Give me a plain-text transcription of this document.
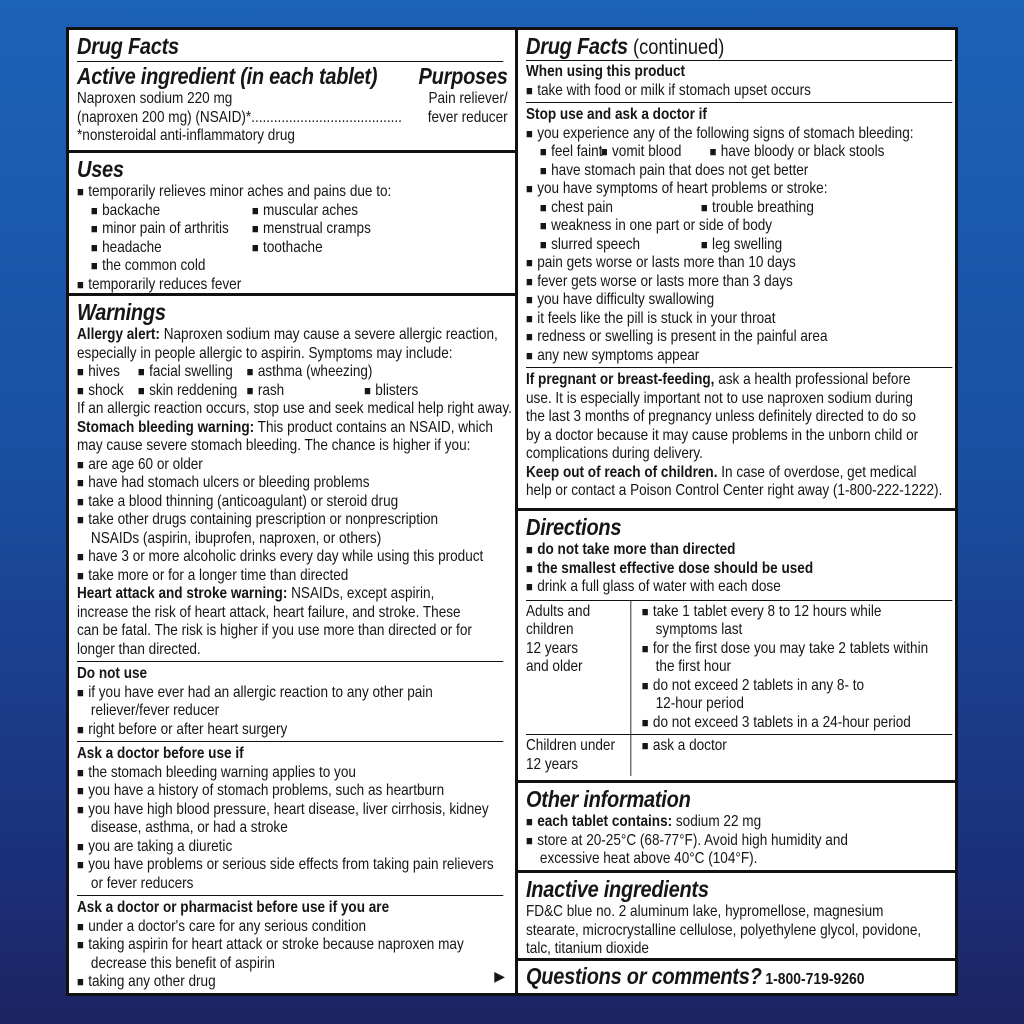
Drug Facts
Active ingredient (in each tablet) Purposes
Naproxen sodium 220 mg	Pain reliever/
(naproxen 200 mg) (NSAID)* ........................................	fever reducer
*nonsteroidal anti-inflammatory drug
Uses
■ temporarily relieves minor aches and pains due to:
■ backache	■ muscular aches
■ minor pain of arthritis ■ menstrual cramps
■ headache	■ toothache
■ the common cold
■ temporarily reduces fever
Warnings
Allergy alert: Naproxen sodium may cause a severe allergic reaction,
especially in people allergic to aspirin. Symptoms may include:
■ hives ■ facial swelling ■ asthma (wheezing)
■ shock ■ skin reddening ■ rash	■ blisters
If an allergic reaction occurs, stop use and seek medical help right away.
Stomach bleeding warning: This product contains an NSAID, which
may cause severe stomach bleeding. The chance is higher if you:
■ are age 60 or older
■ have had stomach ulcers or bleeding problems
■ take a blood thinning (anticoagulant) or steroid drug
■ take other drugs containing prescription or nonprescription
NSAIDs (aspirin, ibuprofen, naproxen, or others)
■ have 3 or more alcoholic drinks every day while using this product
■ take more or for a longer time than directed
Heart attack and stroke warning: NSAIDs, except aspirin,
increase the risk of heart attack, heart failure, and stroke. These
can be fatal. The risk is higher if you use more than directed or for
longer than directed.
Do not use
■ if you have ever had an allergic reaction to any other pain
reliever/fever reducer
■ right before or after heart surgery
Ask a doctor before use if
■ the stomach bleeding warning applies to you
■ you have a history of stomach problems, such as heartburn
■ you have high blood pressure, heart disease, liver cirrhosis, kidney
disease, asthma, or had a stroke
■ you are taking a diuretic
■ you have problems or serious side effects from taking pain relievers
or fever reducers
Ask a doctor or pharmacist before use if you are
■ under a doctor's care for any serious condition
■ taking aspirin for heart attack or stroke because naproxen may
decrease this benefit of aspirin
■ taking any other drug	▶
Drug Facts (continued)
When using this product
■ take with food or milk if stomach upset occurs
Stop use and ask a doctor if
■ you experience any of the following signs of stomach bleeding:
■ feel faint ■ vomit blood	■ have bloody or black stools
■ have stomach pain that does not get better
■ you have symptoms of heart problems or stroke:
■ chest pain	■ trouble breathing
■ weakness in one part or side of body
■ slurred speech	■ leg swelling
■ pain gets worse or lasts more than 10 days
■ fever gets worse or lasts more than 3 days
■ you have difficulty swallowing
■ it feels like the pill is stuck in your throat
■ redness or swelling is present in the painful area
■ any new symptoms appear
If pregnant or breast-feeding, ask a health professional before
use. It is especially important not to use naproxen sodium during
the last 3 months of pregnancy unless definitely directed to do so
by a doctor because it may cause problems in the unborn child or
complications during delivery.
Keep out of reach of children. In case of overdose, get medical
help or contact a Poison Control Center right away (1-800-222-1222).
Directions
■ do not take more than directed
■ the smallest effective dose should be used
■ drink a full glass of water with each dose
Adults and
children
12 years
and older
■ take 1 tablet every 8 to 12 hours while
symptoms last
■ for the first dose you may take 2 tablets within
the first hour
■ do not exceed 2 tablets in any 8- to
12-hour period
■ do not exceed 3 tablets in a 24-hour period
Children under
12 years
■ ask a doctor
Other information
■ each tablet contains: sodium 22 mg
■ store at 20-25°C (68-77°F). Avoid high humidity and
excessive heat above 40°C (104°F).
Inactive ingredients
FD&C blue no. 2 aluminum lake, hypromellose, magnesium
stearate, microcrystalline cellulose, polyethylene glycol, povidone,
talc, titanium dioxide
Questions or comments? 1-800-719-9260
